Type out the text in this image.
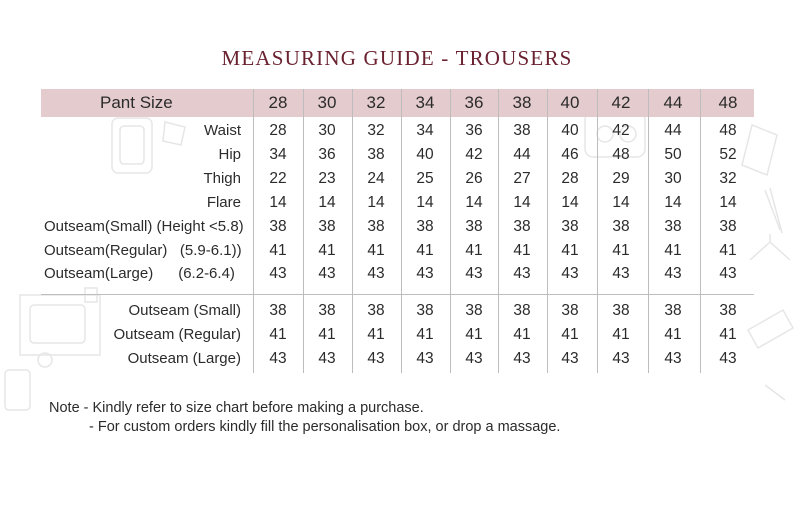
MEASURING GUIDE - TROUSERS
Pant Size	28	30	32	34	36	38	40	42	44	48
Waist	28	30	32	34	36	38	40	42	44	48
Hip	34	36	38	40	42	44	46	48	50	52
Thigh	22	23	24	25	26	27	28	29	30	32
Flare	14	14	14	14	14	14	14	14	14	14
Outseam(Small) (Height <5.8)	38	38	38	38	38	38	38	38	38	38
Outseam(Regular)   (5.9-6.1))	41	41	41	41	41	41	41	41	41	41
Outseam(Large)      (6.2-6.4)	43	43	43	43	43	43	43	43	43	43
Outseam (Small)	38	38	38	38	38	38	38	38	38	38
Outseam (Regular)	41	41	41	41	41	41	41	41	41	41
Outseam (Large)	43	43	43	43	43	43	43	43	43	43
Note - Kindly refer to size chart before making a purchase.
- For custom orders kindly fill the personalisation box, or drop a massage.
